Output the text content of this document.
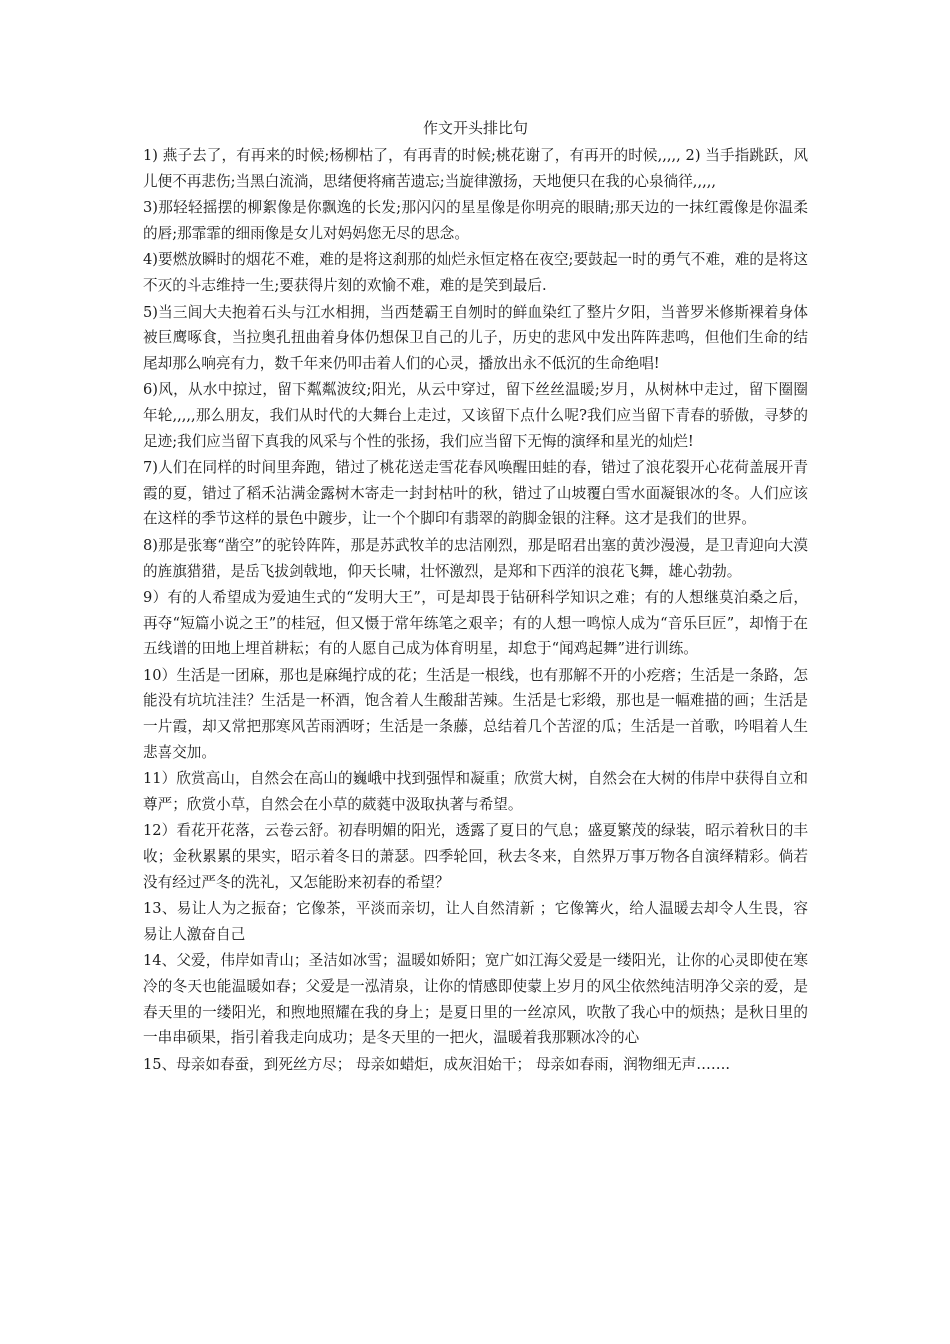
作文开头排比句

1) 燕子去了，有再来的时候;杨柳枯了，有再青的时候;桃花谢了，有再开的时候,,,,, 2) 当手指跳跃，风儿便不再悲伤;当黑白流淌，思绪便将痛苦遗忘;当旋律激扬，天地便只在我的心泉徜徉,,,,,

3)那轻轻摇摆的柳絮像是你飘逸的长发;那闪闪的星星像是你明亮的眼睛;那天边的一抹红霞像是你温柔的唇;那霏霏的细雨像是女儿对妈妈您无尽的思念。

4)要燃放瞬时的烟花不难，难的是将这刹那的灿烂永恒定格在夜空;要鼓起一时的勇气不难，难的是将这不灭的斗志维持一生;要获得片刻的欢愉不难，难的是笑到最后.

5)当三闾大夫抱着石头与江水相拥，当西楚霸王自刎时的鲜血染红了整片夕阳，当普罗米修斯裸着身体被巨鹰啄食，当拉奥孔扭曲着身体仍想保卫自己的儿子，历史的悲风中发出阵阵悲鸣，但他们生命的结尾却那么响亮有力，数千年来仍叩击着人们的心灵，播放出永不低沉的生命绝唱!

6)风，从水中掠过，留下粼粼波纹;阳光，从云中穿过，留下丝丝温暖;岁月，从树林中走过，留下圈圈年轮,,,,,那么朋友，我们从时代的大舞台上走过，又该留下点什么呢?我们应当留下青春的骄傲，寻梦的足迹;我们应当留下真我的风采与个性的张扬，我们应当留下无悔的演绎和星光的灿烂!

7)人们在同样的时间里奔跑，错过了桃花送走雪花春风唤醒田蛙的春，错过了浪花裂开心花荷盖展开青霞的夏，错过了稻禾沾满金露树木寄走一封封枯叶的秋，错过了山坡覆白雪水面凝银冰的冬。人们应该在这样的季节这样的景色中踱步，让一个个脚印有翡翠的韵脚金银的注释。这才是我们的世界。

8)那是张骞“凿空”的驼铃阵阵，那是苏武牧羊的忠洁刚烈，那是昭君出塞的黄沙漫漫，是卫青迎向大漠的旌旗猎猎，是岳飞拔剑戟地，仰天长啸，壮怀激烈，是郑和下西洋的浪花飞舞，雄心勃勃。

9）有的人希望成为爱迪生式的“发明大王”，可是却畏于钻研科学知识之难；有的人想继莫泊桑之后，再夺“短篇小说之王”的桂冠，但又慑于常年练笔之艰辛；有的人想一鸣惊人成为“音乐巨匠”，却惰于在五线谱的田地上埋首耕耘；有的人愿自己成为体育明星，却怠于“闻鸡起舞”进行训练。

10）生活是一团麻，那也是麻绳拧成的花；生活是一根线，也有那解不开的小疙瘩；生活是一条路，怎能没有坑坑洼洼？生活是一杯酒，饱含着人生酸甜苦辣。生活是七彩缎，那也是一幅难描的画；生活是一片霞，却又常把那寒风苦雨洒呀；生活是一条藤，总结着几个苦涩的瓜；生活是一首歌，吟唱着人生悲喜交加。

11）欣赏高山，自然会在高山的巍峨中找到强悍和凝重；欣赏大树，自然会在大树的伟岸中获得自立和尊严；欣赏小草，自然会在小草的葳蕤中汲取执著与希望。

12）看花开花落，云卷云舒。初春明媚的阳光，透露了夏日的气息；盛夏繁茂的绿装，昭示着秋日的丰收；金秋累累的果实，昭示着冬日的萧瑟。四季轮回，秋去冬来，自然界万事万物各自演绎精彩。倘若没有经过严冬的洗礼，又怎能盼来初春的希望？

13、易让人为之振奋；它像茶，平淡而亲切，让人自然清新 ；它像篝火，给人温暖去却令人生畏，容易让人激奋自己

14、父爱，伟岸如青山；圣洁如冰雪；温暖如娇阳；宽广如江海父爱是一缕阳光，让你的心灵即使在寒冷的冬天也能温暖如春；父爱是一泓清泉，让你的情感即使蒙上岁月的风尘依然纯洁明净父亲的爱，是春天里的一缕阳光，和煦地照耀在我的身上；是夏日里的一丝凉风，吹散了我心中的烦热；是秋日里的一串串硕果，指引着我走向成功；是冬天里的一把火，温暖着我那颗冰冷的心

15、母亲如春蚕，到死丝方尽； 母亲如蜡炬，成灰泪始干； 母亲如春雨，润物细无声…….
